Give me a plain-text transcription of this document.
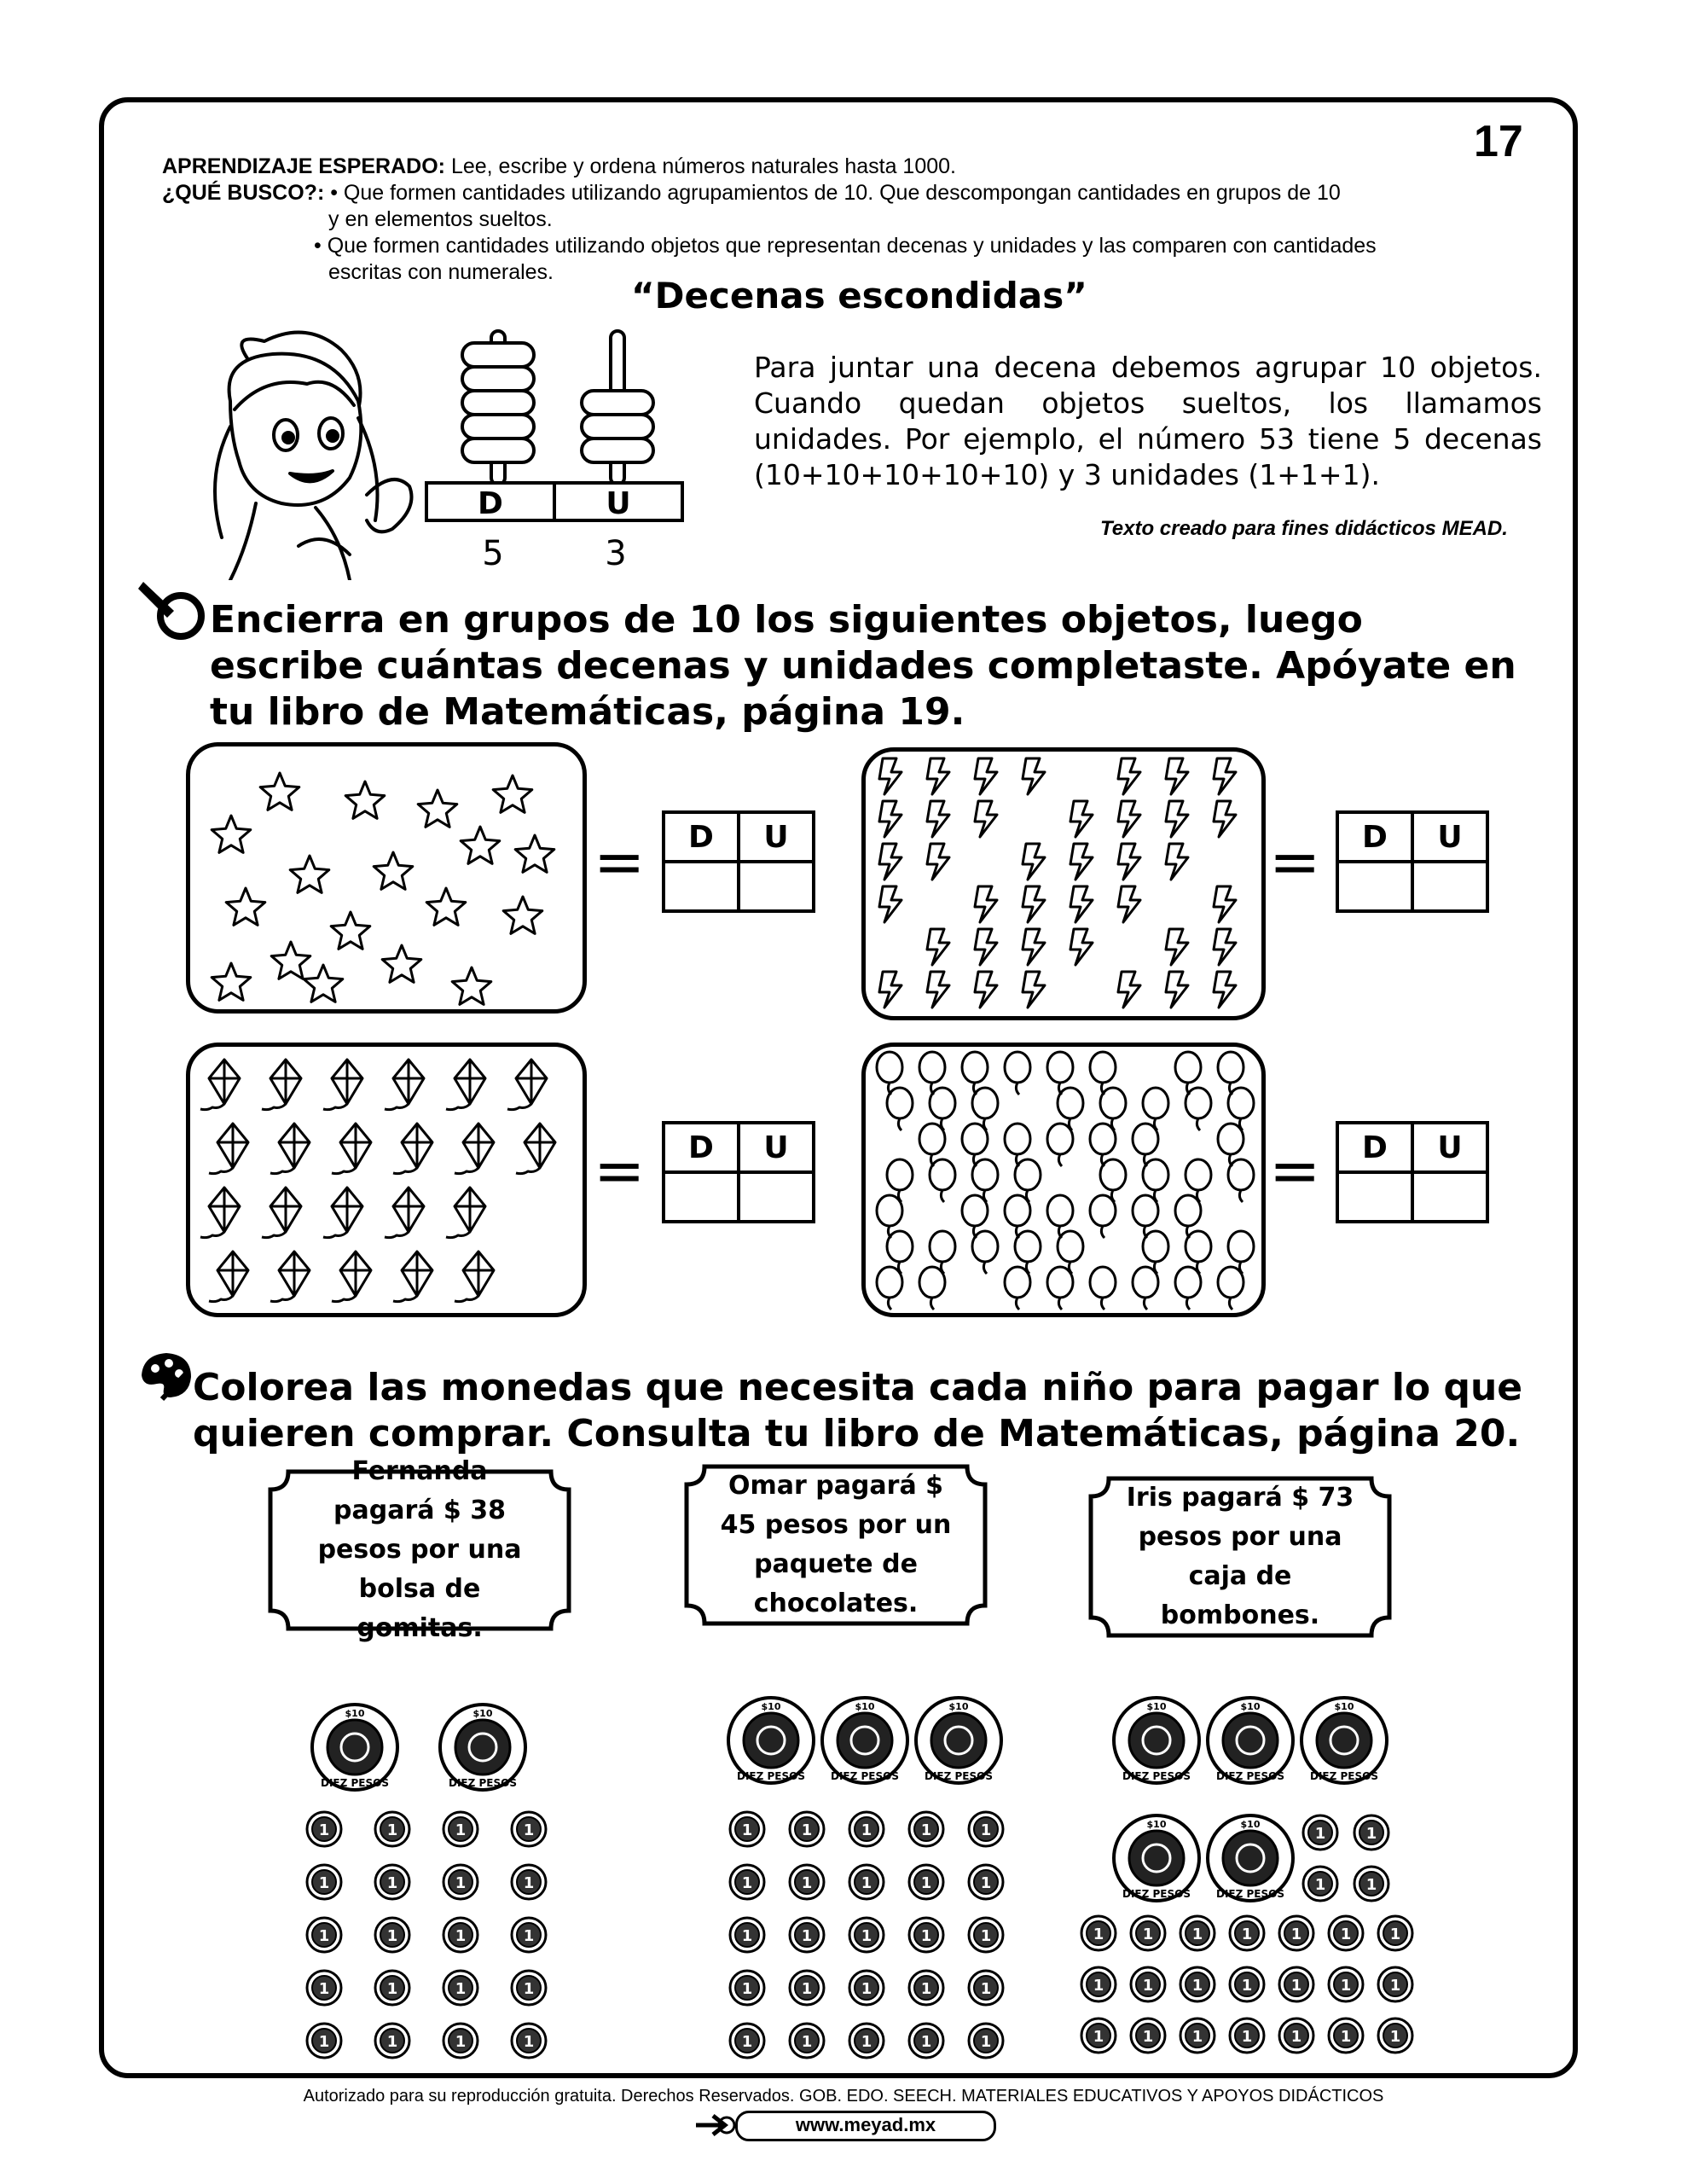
17
APRENDIZAJE ESPERADO: Lee, escribe y ordena números naturales hasta 1000.
¿QUÉ BUSCO?: • Que formen cantidades utilizando agrupamientos de 10. Que descompongan cantidades en grupos de 10
y en elementos sueltos.
• Que formen cantidades utilizando objetos que representan decenas y unidades y las comparen con cantidades
escritas con numerales.
“Decenas escondidas”
D	U
5	3
Para juntar una decena debemos agrupar 10 objetos. Cuando quedan objetos sueltos, los llamamos unidades. Por ejemplo, el número 53 tiene 5 decenas (10+10+10+10+10) y 3 unidades (1+1+1).
Texto creado para fines didácticos MEAD.
Encierra en grupos de 10 los siguientes objetos, luego escribe cuántas decenas y unidades completaste. Apóyate en tu libro de Matemáticas, página 19.
=	=
=	=
D	U	D	U
D	U	D	U
Colorea las monedas que necesita cada niño para pagar lo que quieren comprar. Consulta tu libro de Matemáticas, página 20.
Fernanda pagará $ 38 pesos por una bolsa de gomitas.
Omar pagará $ 45 pesos por un paquete de chocolates.
Iris pagará $ 73 pesos por una caja de bombones.
$10
DIEZ PESOS
$10
DIEZ PESOS
1	1	1	1
1	1	1	1
1	1	1	1
1	1	1	1
1	1	1	1
$10
DIEZ PESOS
$10
DIEZ PESOS
$10
DIEZ PESOS
1	1	1	1	1
1	1	1	1	1
1	1	1	1	1
1	1	1	1	1
1	1	1	1	1
$10
DIEZ PESOS
$10
DIEZ PESOS
$10
DIEZ PESOS
$10
DIEZ PESOS
$10
DIEZ PESOS
1	1
1	1
1	1	1	1	1	1	1
1	1	1	1	1	1	1
1	1	1	1	1	1	1
Autorizado para su reproducción gratuita. Derechos Reservados. GOB. EDO. SEECH. MATERIALES EDUCATIVOS Y APOYOS DIDÁCTICOS
www.meyad.mx
